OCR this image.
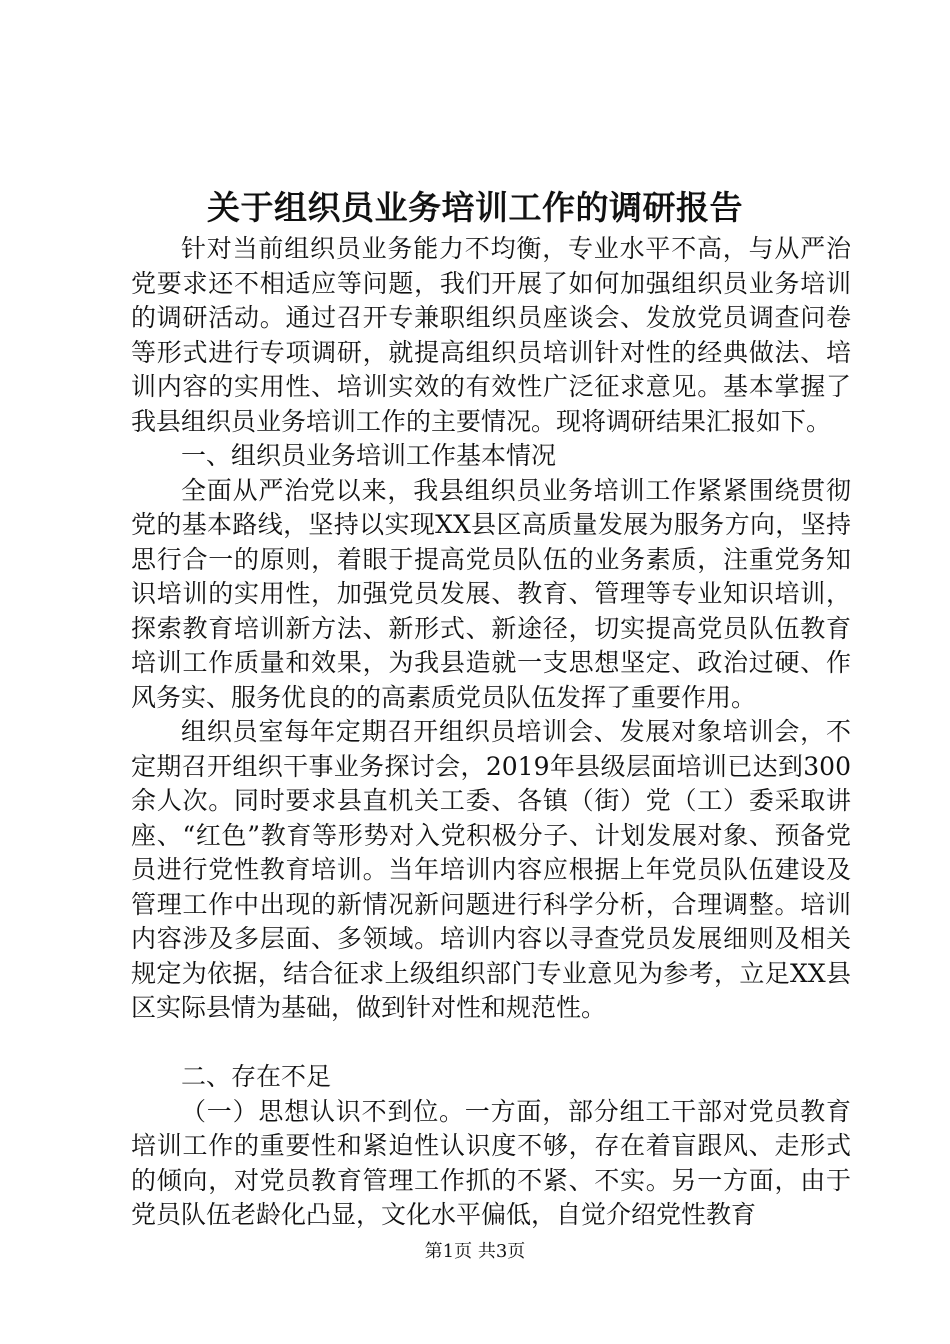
关于组织员业务培训工作的调研报告

针对当前组织员业务能力不均衡，专业水平不高，与从严治党要求还不相适应等问题，我们开展了如何加强组织员业务培训的调研活动。通过召开专兼职组织员座谈会、发放党员调查问卷等形式进行专项调研，就提高组织员培训针对性的经典做法、培训内容的实用性、培训实效的有效性广泛征求意见。基本掌握了我县组织员业务培训工作的主要情况。现将调研结果汇报如下。

一、组织员业务培训工作基本情况

全面从严治党以来，我县组织员业务培训工作紧紧围绕贯彻党的基本路线，坚持以实现XX县区高质量发展为服务方向，坚持思行合一的原则，着眼于提高党员队伍的业务素质，注重党务知识培训的实用性，加强党员发展、教育、管理等专业知识培训，探索教育培训新方法、新形式、新途径，切实提高党员队伍教育培训工作质量和效果，为我县造就一支思想坚定、政治过硬、作风务实、服务优良的的高素质党员队伍发挥了重要作用。

组织员室每年定期召开组织员培训会、发展对象培训会，不定期召开组织干事业务探讨会，2019年县级层面培训已达到300余人次。同时要求县直机关工委、各镇（街）党（工）委采取讲座、“红色”教育等形势对入党积极分子、计划发展对象、预备党员进行党性教育培训。当年培训内容应根据上年党员队伍建设及管理工作中出现的新情况新问题进行科学分析，合理调整。培训内容涉及多层面、多领域。培训内容以寻查党员发展细则及相关规定为依据，结合征求上级组织部门专业意见为参考，立足XX县区实际县情为基础，做到针对性和规范性。

二、存在不足

（一）思想认识不到位。一方面，部分组工干部对党员教育培训工作的重要性和紧迫性认识度不够，存在着盲跟风、走形式的倾向，对党员教育管理工作抓的不紧、不实。另一方面，由于党员队伍老龄化凸显，文化水平偏低，自觉介绍党性教育

第1页 共3页
